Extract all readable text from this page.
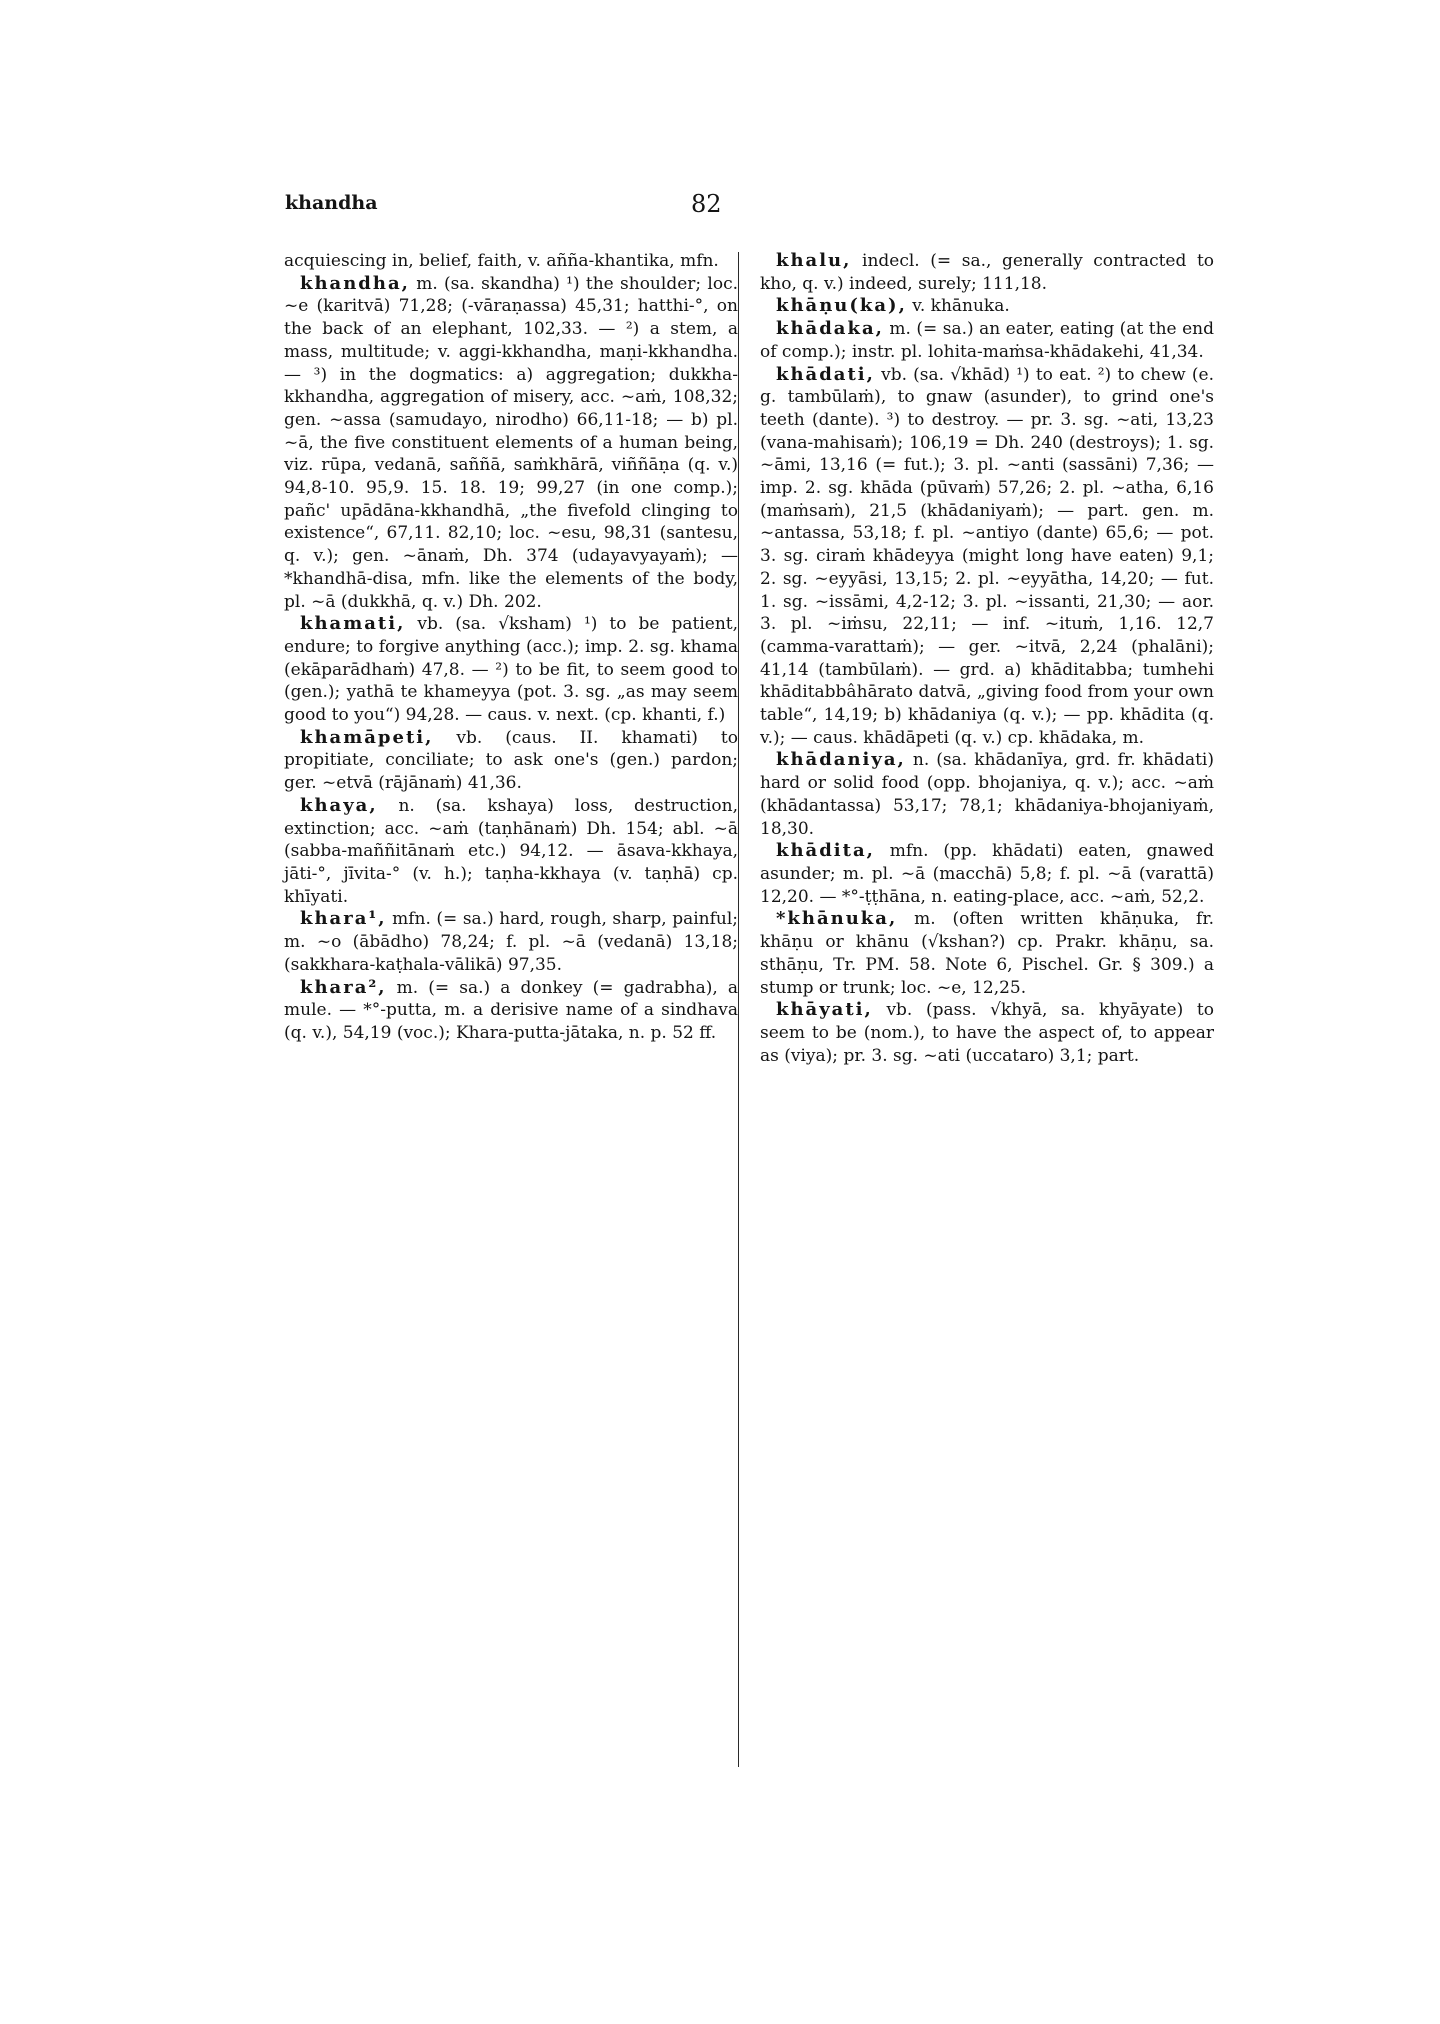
khandha	82

acquiescing in, belief, faith, v. añña-khantika, mfn.

khandha, m. (sa. skandha) ¹) the shoulder; loc. ~e (karitvā) 71,28; (-vāraṇassa) 45,31; hatthi-°, on the back of an elephant, 102,33. — ²) a stem, a mass, multitude; v. aggi-kkhandha, maṇi-kkhandha. — ³) in the dogmatics: a) aggregation; dukkha-kkhandha, aggregation of misery, acc. ~aṁ, 108,32; gen. ~assa (samudayo, nirodho) 66,11-18; — b) pl. ~ā, the five constituent elements of a human being, viz. rūpa, vedanā, saññā, saṁkhārā, viññāṇa (q. v.) 94,8-10. 95,9. 15. 18. 19; 99,27 (in one comp.); pañc' upādāna-kkhandhā, „the fivefold clinging to existence“, 67,11. 82,10; loc. ~esu, 98,31 (santesu, q. v.); gen. ~ānaṁ, Dh. 374 (udayavyayaṁ); — *khandhā-disa, mfn. like the elements of the body, pl. ~ā (dukkhā, q. v.) Dh. 202.

khamati, vb. (sa. √ksham) ¹) to be patient, endure; to forgive anything (acc.); imp. 2. sg. khama (ekāparādhaṁ) 47,8. — ²) to be fit, to seem good to (gen.); yathā te khameyya (pot. 3. sg. „as may seem good to you“) 94,28. — caus. v. next. (cp. khanti, f.)

khamāpeti, vb. (caus. II. khamati) to propitiate, conciliate; to ask one's (gen.) pardon; ger. ~etvā (rājānaṁ) 41,36.

khaya, n. (sa. kshaya) loss, destruction, extinction; acc. ~aṁ (taṇhānaṁ) Dh. 154; abl. ~ā (sabba-maññitānaṁ etc.) 94,12. — āsava-kkhaya, jāti-°, jīvita-° (v. h.); taṇha-kkhaya (v. taṇhā) cp. khīyati.

khara¹, mfn. (= sa.) hard, rough, sharp, painful; m. ~o (ābādho) 78,24; f. pl. ~ā (vedanā) 13,18; (sakkhara-kaṭhala-vālikā) 97,35.

khara², m. (= sa.) a donkey (= gadrabha), a mule. — *°-putta, m. a derisive name of a sindhava (q. v.), 54,19 (voc.); Khara-putta-jātaka, n. p. 52 ff.

khalu, indecl. (= sa., generally contracted to kho, q. v.) indeed, surely; 111,18.

khāṇu(ka), v. khānuka.

khādaka, m. (= sa.) an eater, eating (at the end of comp.); instr. pl. lohita-maṁsa-khādakehi, 41,34.

khādati, vb. (sa. √khād) ¹) to eat. ²) to chew (e. g. tambūlaṁ), to gnaw (asunder), to grind one's teeth (dante). ³) to destroy. — pr. 3. sg. ~ati, 13,23 (vana-mahisaṁ); 106,19 = Dh. 240 (destroys); 1. sg. ~āmi, 13,16 (= fut.); 3. pl. ~anti (sassāni) 7,36; — imp. 2. sg. khāda (pūvaṁ) 57,26; 2. pl. ~atha, 6,16 (maṁsaṁ), 21,5 (khādaniyaṁ); — part. gen. m. ~antassa, 53,18; f. pl. ~antiyo (dante) 65,6; — pot. 3. sg. ciraṁ khādeyya (might long have eaten) 9,1; 2. sg. ~eyyāsi, 13,15; 2. pl. ~eyyātha, 14,20; — fut. 1. sg. ~issāmi, 4,2-12; 3. pl. ~issanti, 21,30; — aor. 3. pl. ~iṁsu, 22,11; — inf. ~ituṁ, 1,16. 12,7 (camma-varattaṁ); — ger. ~itvā, 2,24 (phalāni); 41,14 (tambūlaṁ). — grd. a) khāditabba; tumhehi khāditabbâhārato datvā, „giving food from your own table“, 14,19; b) khādaniya (q. v.); — pp. khādita (q. v.); — caus. khādāpeti (q. v.) cp. khādaka, m.

khādaniya, n. (sa. khādanīya, grd. fr. khādati) hard or solid food (opp. bhojaniya, q. v.); acc. ~aṁ (khādantassa) 53,17; 78,1; khādaniya-bhojaniyaṁ, 18,30.

khādita, mfn. (pp. khādati) eaten, gnawed asunder; m. pl. ~ā (macchā) 5,8; f. pl. ~ā (varattā) 12,20. — *°-ṭṭhāna, n. eating-place, acc. ~aṁ, 52,2.

*khānuka, m. (often written khāṇuka, fr. khāṇu or khānu (√kshan?) cp. Prakr. khāṇu, sa. sthāṇu, Tr. PM. 58. Note 6, Pischel. Gr. § 309.) a stump or trunk; loc. ~e, 12,25.

khāyati, vb. (pass. √khyā, sa. khyāyate) to seem to be (nom.), to have the aspect of, to appear as (viya); pr. 3. sg. ~ati (uccataro) 3,1; part.
